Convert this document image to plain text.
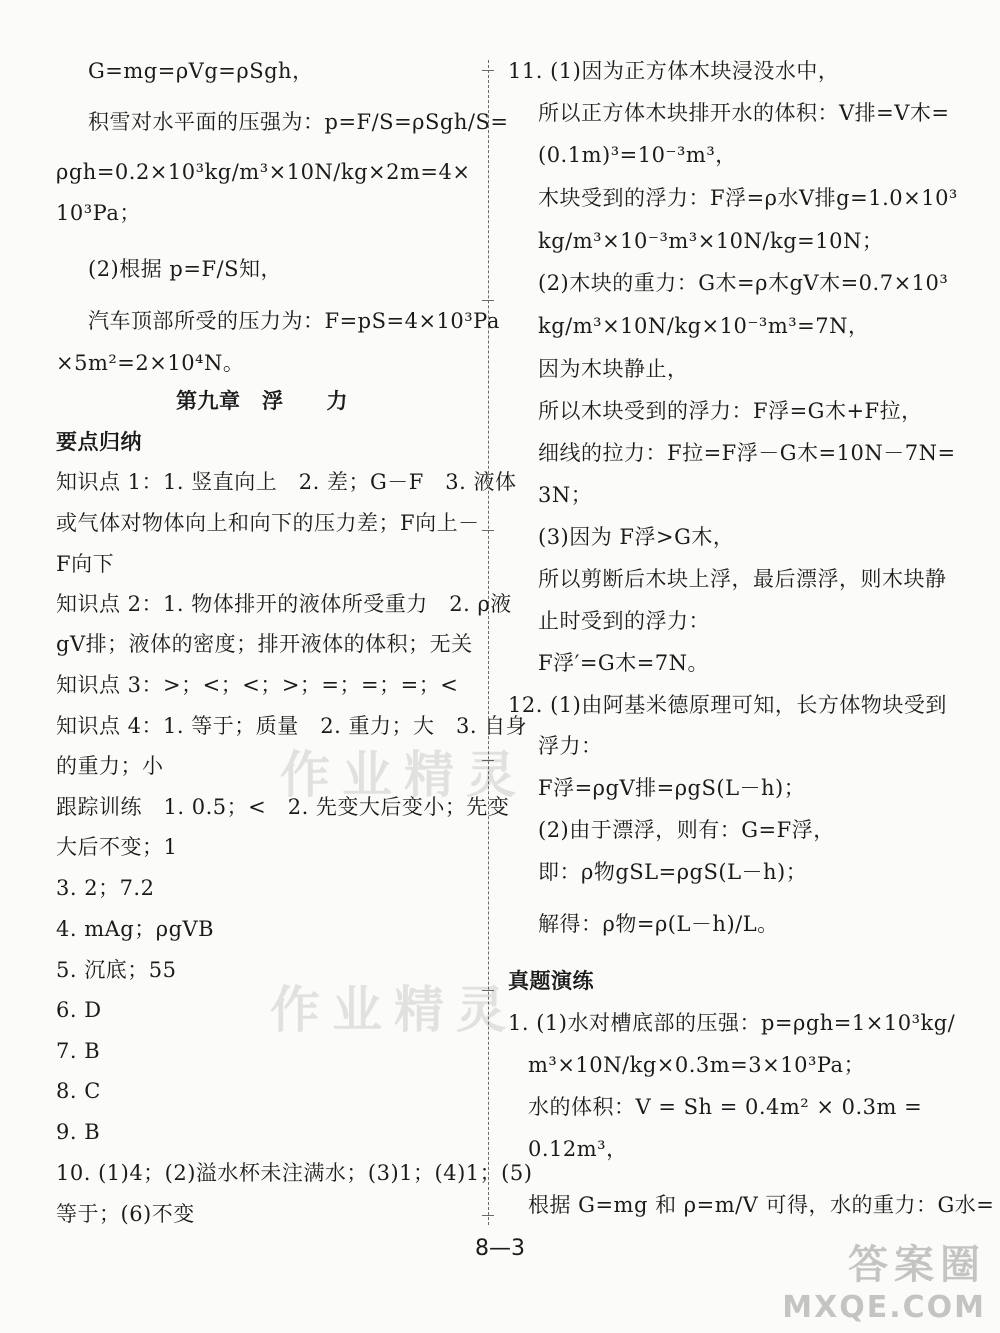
G=mg=ρVg=ρSgh，
积雪对水平面的压强为：p=F/S=ρSgh/S=
ρgh=0.2×10³kg/m³×10N/kg×2m=4×
10³Pa；
(2)根据 p=F/S知，
汽车顶部所受的压力为：F=pS=4×10³Pa
×5m²=2×10⁴N。
第九章　浮　　力
要点归纳
知识点 1：1. 竖直向上　2. 差；G－F　3. 液体
或气体对物体向上和向下的压力差；F向上－
F向下
知识点 2：1. 物体排开的液体所受重力　2. ρ液
gV排；液体的密度；排开液体的体积；无关
知识点 3：>；<；<；>；=；=；=；<
知识点 4：1. 等于；质量　2. 重力；大　3. 自身
的重力；小
跟踪训练　1. 0.5；<　2. 先变大后变小；先变
大后不变；1
3. 2；7.2
4. mAg；ρgVB
5. 沉底；55
6. D
7. B
8. C
9. B
10. (1)4；(2)溢水杯未注满水；(3)1；(4)1；(5)
等于；(6)不变
11. (1)因为正方体木块浸没水中，
所以正方体木块排开水的体积：V排=V木=
(0.1m)³=10⁻³m³，
木块受到的浮力：F浮=ρ水V排g=1.0×10³
kg/m³×10⁻³m³×10N/kg=10N；
(2)木块的重力：G木=ρ木gV木=0.7×10³
kg/m³×10N/kg×10⁻³m³=7N，
因为木块静止，
所以木块受到的浮力：F浮=G木+F拉，
细线的拉力：F拉=F浮－G木=10N－7N=
3N；
(3)因为 F浮>G木，
所以剪断后木块上浮，最后漂浮，则木块静
止时受到的浮力：
F浮′=G木=7N。
12. (1)由阿基米德原理可知，长方体物块受到
浮力：
F浮=ρgV排=ρgS(L－h)；
(2)由于漂浮，则有：G=F浮，
即：ρ物gSL=ρgS(L－h)；
解得：ρ物=ρ(L－h)/L。
真题演练
1. (1)水对槽底部的压强：p=ρgh=1×10³kg/
m³×10N/kg×0.3m=3×10³Pa；
水的体积：V = Sh = 0.4m² × 0.3m =
0.12m³，
根据 G=mg 和 ρ=m/V 可得，水的重力：G水=
作业精灵
作业精灵
8—3	答案圈
MXQE.COM
